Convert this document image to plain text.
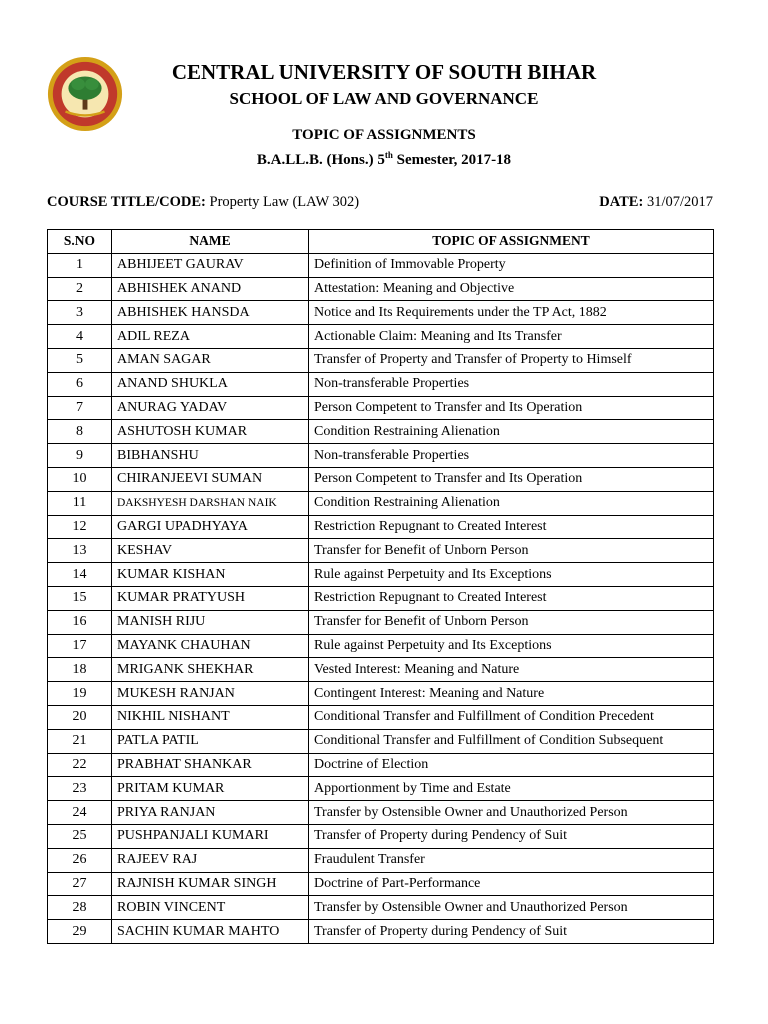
CENTRAL UNIVERSITY OF SOUTH BIHAR
SCHOOL OF LAW AND GOVERNANCE
TOPIC OF ASSIGNMENTS
B.A.LL.B. (Hons.) 5th Semester, 2017-18
COURSE TITLE/CODE: Property Law (LAW 302)	DATE: 31/07/2017
S.NO	NAME	TOPIC OF ASSIGNMENT
1	ABHIJEET GAURAV	Definition of Immovable Property
2	ABHISHEK ANAND	Attestation: Meaning and Objective
3	ABHISHEK HANSDA	Notice and Its Requirements under the TP Act, 1882
4	ADIL REZA	Actionable Claim: Meaning and Its Transfer
5	AMAN SAGAR	Transfer of Property and Transfer of Property to Himself
6	ANAND SHUKLA	Non-transferable Properties
7	ANURAG YADAV	Person Competent to Transfer and Its Operation
8	ASHUTOSH KUMAR	Condition Restraining Alienation
9	BIBHANSHU	Non-transferable Properties
10	CHIRANJEEVI SUMAN	Person Competent to Transfer and Its Operation
11	DAKSHYESH DARSHAN NAIK	Condition Restraining Alienation
12	GARGI UPADHYAYA	Restriction Repugnant to Created Interest
13	KESHAV	Transfer for Benefit of Unborn Person
14	KUMAR KISHAN	Rule against Perpetuity and Its Exceptions
15	KUMAR PRATYUSH	Restriction Repugnant to Created Interest
16	MANISH RIJU	Transfer for Benefit of Unborn Person
17	MAYANK CHAUHAN	Rule against Perpetuity and Its Exceptions
18	MRIGANK SHEKHAR	Vested Interest: Meaning and Nature
19	MUKESH RANJAN	Contingent Interest: Meaning and Nature
20	NIKHIL NISHANT	Conditional Transfer and Fulfillment of Condition Precedent
21	PATLA PATIL	Conditional Transfer and Fulfillment of Condition Subsequent
22	PRABHAT SHANKAR	Doctrine of Election
23	PRITAM KUMAR	Apportionment by Time and Estate
24	PRIYA RANJAN	Transfer by Ostensible Owner and Unauthorized Person
25	PUSHPANJALI KUMARI	Transfer of Property during Pendency of Suit
26	RAJEEV RAJ	Fraudulent Transfer
27	RAJNISH KUMAR SINGH	Doctrine of Part-Performance
28	ROBIN VINCENT	Transfer by Ostensible Owner and Unauthorized Person
29	SACHIN KUMAR MAHTO	Transfer of Property during Pendency of Suit
